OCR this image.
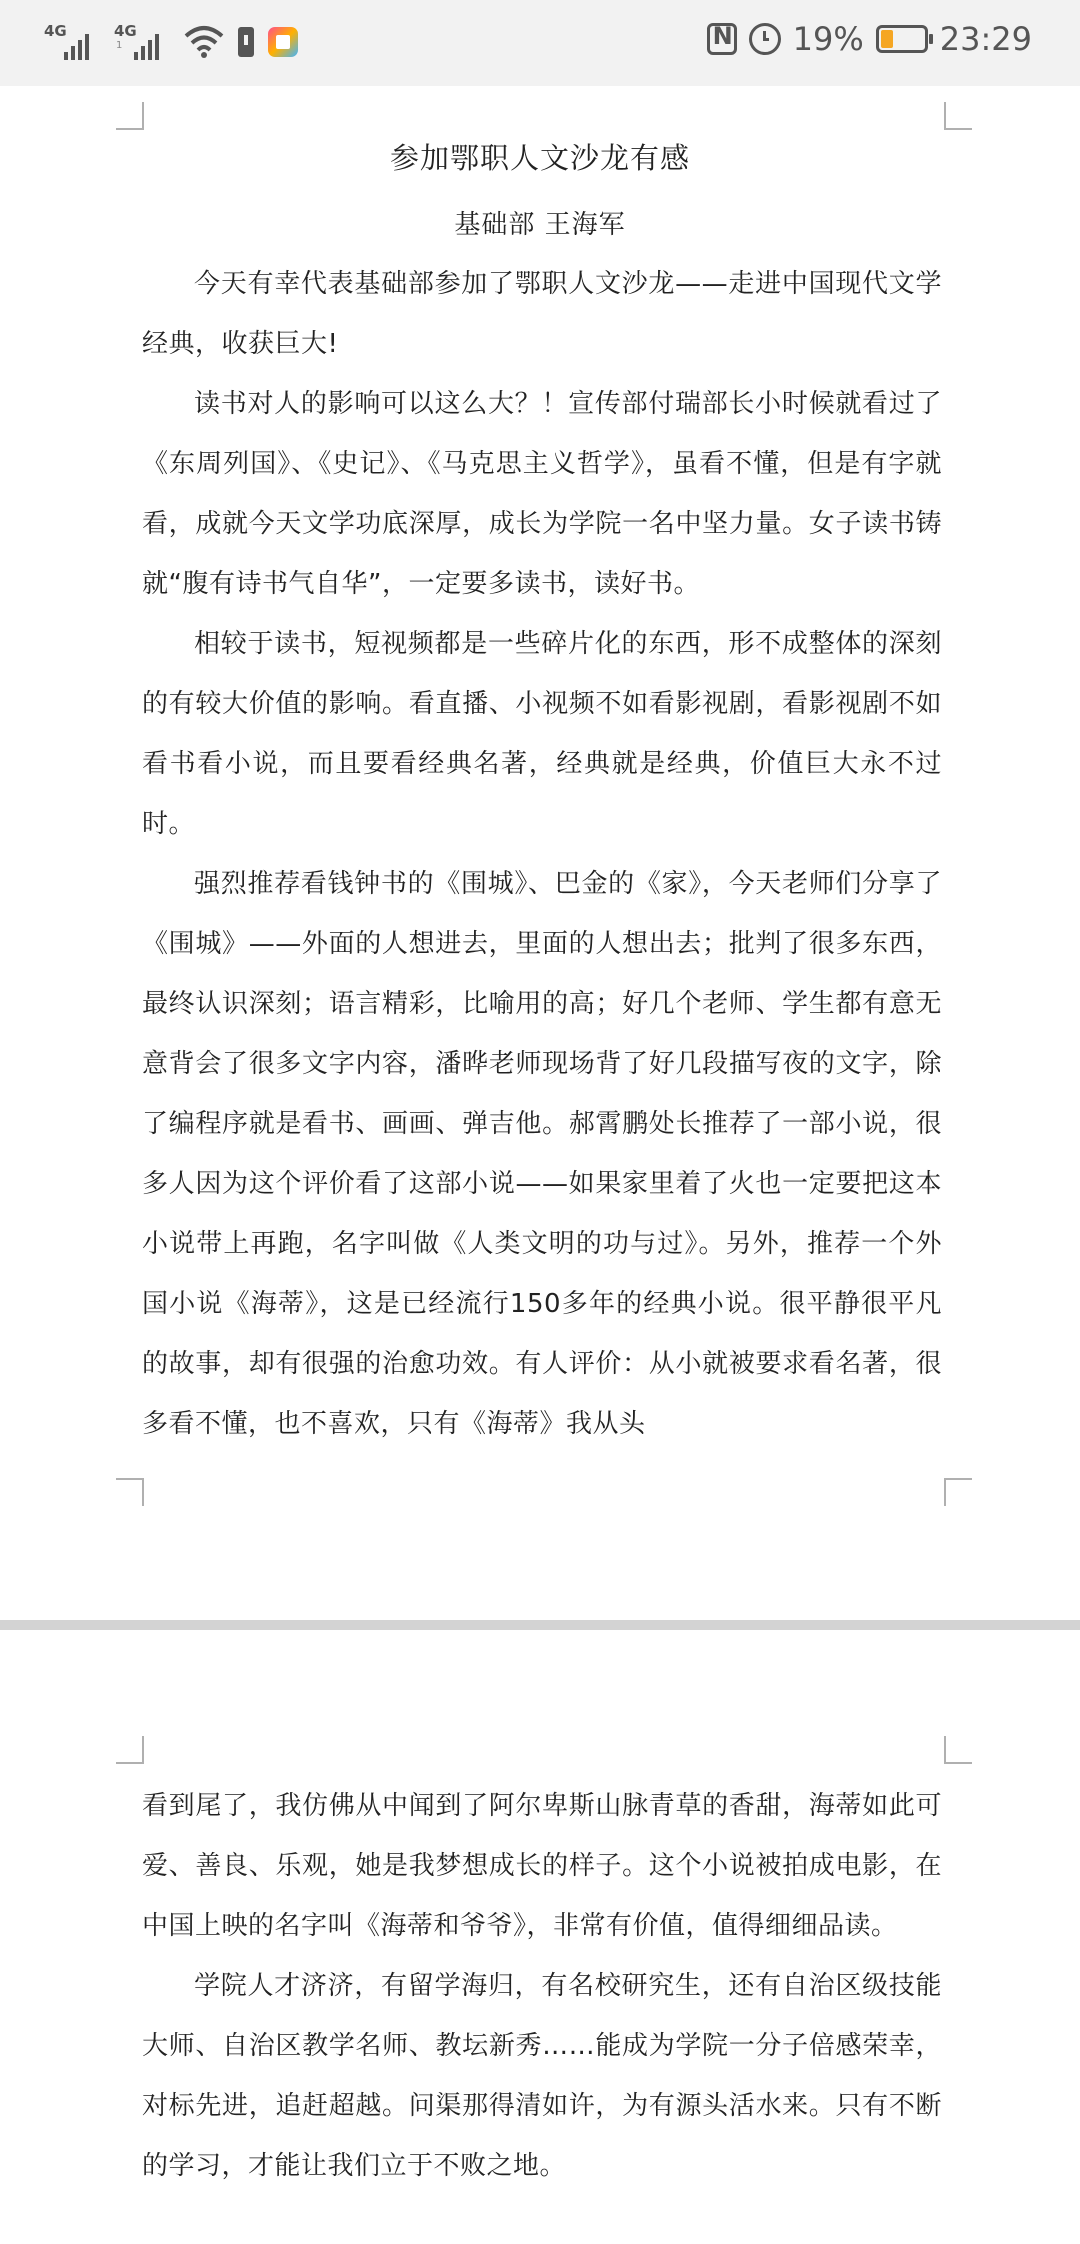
4G	4G
1
N	19% 23:29
参加鄂职人文沙龙有感
基础部 王海军

今天有幸代表基础部参加了鄂职人文沙龙——走进中国现代文学经典，收获巨大!

读书对人的影响可以这么大？！宣传部付瑞部长小时候就看过了《东周列国》、《史记》、《马克思主义哲学》，虽看不懂，但是有字就看，成就今天文学功底深厚，成长为学院一名中坚力量。女子读书铸就“腹有诗书气自华”，一定要多读书，读好书。

相较于读书，短视频都是一些碎片化的东西，形不成整体的深刻的有较大价值的影响。看直播、小视频不如看影视剧，看影视剧不如看书看小说，而且要看经典名著，经典就是经典，价值巨大永不过时。

强烈推荐看钱钟书的《围城》、巴金的《家》，今天老师们分享了《围城》——外面的人想进去，里面的人想出去；批判了很多东西，最终认识深刻；语言精彩，比喻用的高；好几个老师、学生都有意无意背会了很多文字内容，潘晔老师现场背了好几段描写夜的文字，除了编程序就是看书、画画、弹吉他。郝霄鹏处长推荐了一部小说，很多人因为这个评价看了这部小说——如果家里着了火也一定要把这本小说带上再跑，名字叫做《人类文明的功与过》。另外，推荐一个外国小说《海蒂》，这是已经流行150多年的经典小说。很平静很平凡的故事，却有很强的治愈功效。有人评价：从小就被要求看名著，很多看不懂，也不喜欢，只有《海蒂》我从头

看到尾了，我仿佛从中闻到了阿尔卑斯山脉青草的香甜，海蒂如此可爱、善良、乐观，她是我梦想成长的样子。这个小说被拍成电影，在中国上映的名字叫《海蒂和爷爷》，非常有价值，值得细细品读。

学院人才济济，有留学海归，有名校研究生，还有自治区级技能大师、自治区教学名师、教坛新秀……能成为学院一分子倍感荣幸，对标先进，追赶超越。问渠那得清如许，为有源头活水来。只有不断的学习，才能让我们立于不败之地。
